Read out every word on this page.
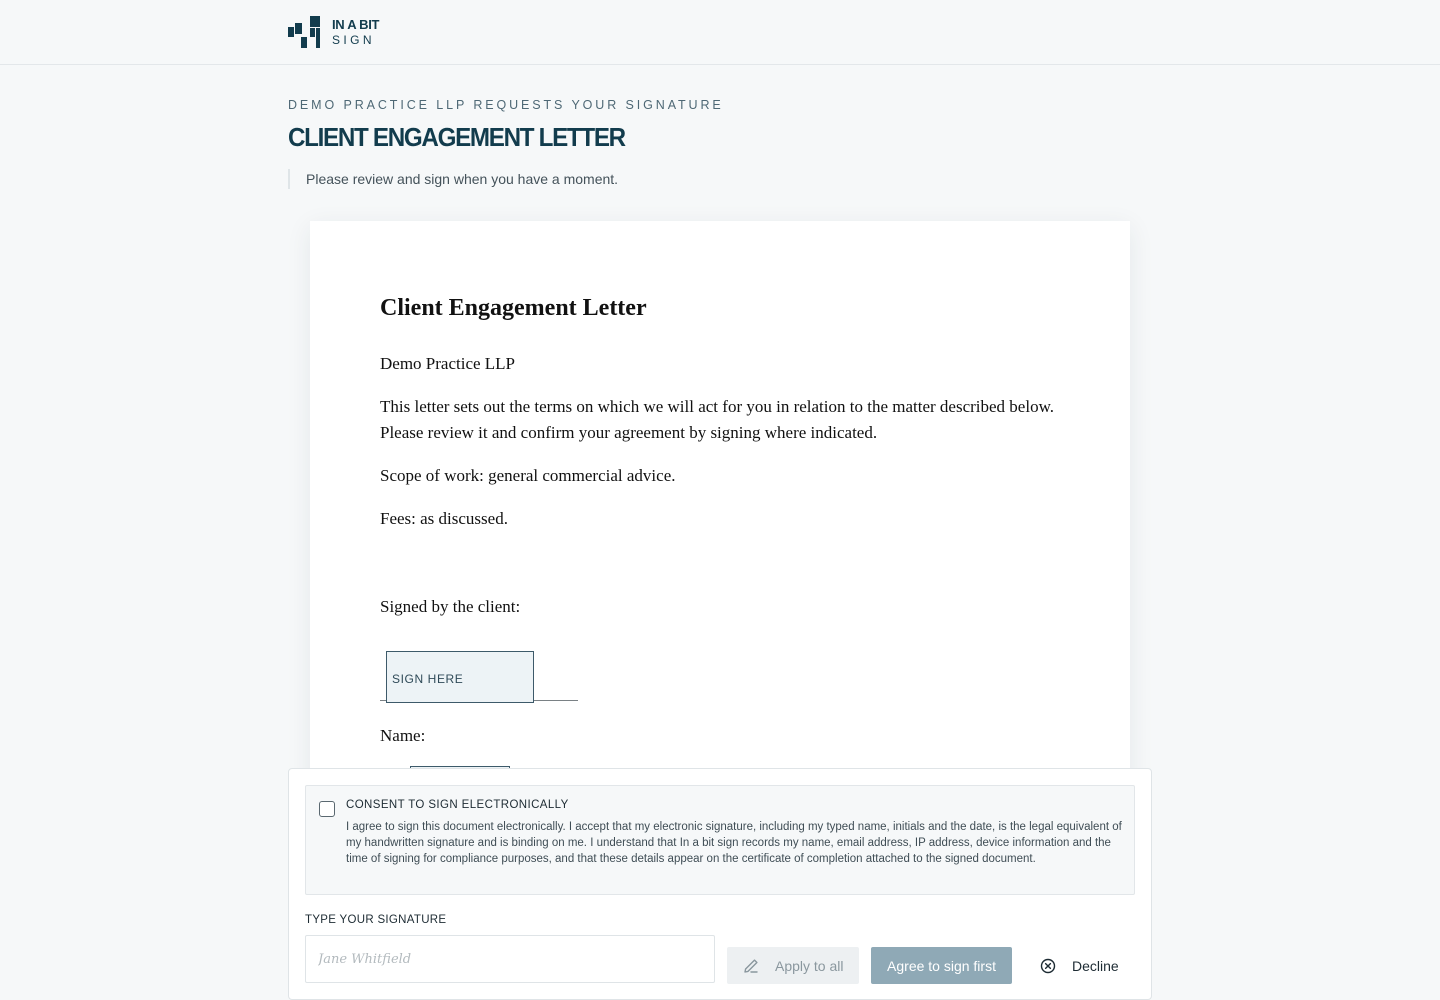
IN A BIT
SIGN
DEMO PRACTICE LLP REQUESTS YOUR SIGNATURE
CLIENT ENGAGEMENT LETTER
Please review and sign when you have a moment.
Client Engagement Letter
Demo Practice LLP
This letter sets out the terms on which we will act for you in relation to the matter described below.
Please review it and confirm your agreement by signing where indicated.
Scope of work: general commercial advice.
Fees: as discussed.
Signed by the client:
SIGN HERE
Name:
CONSENT TO SIGN ELECTRONICALLY
I agree to sign this document electronically. I accept that my electronic signature, including my typed name, initials and the date, is the legal equivalent of my handwritten signature and is binding on me. I understand that In a bit sign records my name, email address, IP address, device information and the time of signing for compliance purposes, and that these details appear on the certificate of completion attached to the signed document.
TYPE YOUR SIGNATURE
Jane Whitfield
Apply to all	Agree to sign first	Decline
